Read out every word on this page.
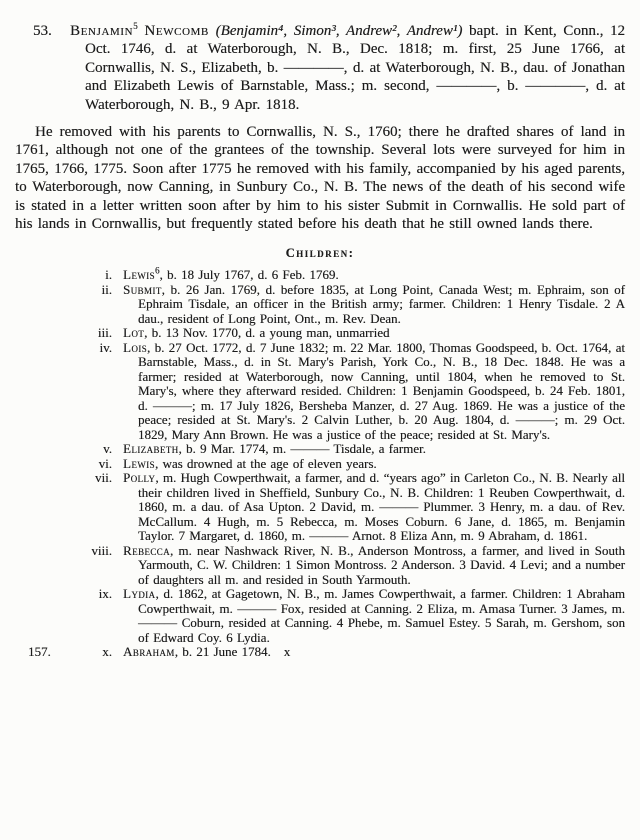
53. Benjamin$^5$ Newcomb (Benjamin⁴, Simon³, Andrew², Andrew¹) bapt. in Kent, Conn., 12 Oct. 1746, d. at Waterborough, N. B., Dec. 1818; m. first, 25 June 1766, at Cornwallis, N. S., Elizabeth, b. ————, d. at Waterborough, N. B., dau. of Jonathan and Elizabeth Lewis of Barnstable, Mass.; m. second, ————, b. ————, d. at Waterborough, N. B., 9 Apr. 1818.

He removed with his parents to Cornwallis, N. S., 1760; there he drafted shares of land in 1761, although not one of the grantees of the township. Several lots were surveyed for him in 1765, 1766, 1775. Soon after 1775 he removed with his family, accompanied by his aged parents, to Waterborough, now Canning, in Sunbury Co., N. B. The news of the death of his second wife is stated in a letter written soon after by him to his sister Submit in Cornwallis. He sold part of his lands in Cornwallis, but frequently stated before his death that he still owned lands there.

Children:
i. Lewis$^6$, b. 18 July 1767, d. 6 Feb. 1769.
ii. Submit, b. 26 Jan. 1769, d. before 1835, at Long Point, Canada West; m. Ephraim, son of Ephraim Tisdale, an officer in the British army; farmer. Children: 1 Henry Tisdale. 2 A dau., resident of Long Point, Ont., m. Rev. Dean.
iii. Lot, b. 13 Nov. 1770, d. a young man, unmarried
iv. Lois, b. 27 Oct. 1772, d. 7 June 1832; m. 22 Mar. 1800, Thomas Goodspeed, b. Oct. 1764, at Barnstable, Mass., d. in St. Mary's Parish, York Co., N. B., 18 Dec. 1848. He was a farmer; resided at Waterborough, now Canning, until 1804, when he removed to St. Mary's, where they afterward resided. Children: 1 Benjamin Goodspeed, b. 24 Feb. 1801, d. ———; m. 17 July 1826, Bersheba Manzer, d. 27 Aug. 1869. He was a justice of the peace; resided at St. Mary's. 2 Calvin Luther, b. 20 Aug. 1804, d. ———; m. 29 Oct. 1829, Mary Ann Brown. He was a justice of the peace; resided at St. Mary's.
v. Elizabeth, b. 9 Mar. 1774, m. ——— Tisdale, a farmer.
vi. Lewis, was drowned at the age of eleven years.
vii. Polly, m. Hugh Cowperthwait, a farmer, and d. “years ago” in Carleton Co., N. B. Nearly all their children lived in Sheffield, Sunbury Co., N. B. Children: 1 Reuben Cowperthwait, d. 1860, m. a dau. of Asa Upton. 2 David, m. ——— Plummer. 3 Henry, m. a dau. of Rev. McCallum. 4 Hugh, m. 5 Rebecca, m. Moses Coburn. 6 Jane, d. 1865, m. Benjamin Taylor. 7 Margaret, d. 1860, m. ——— Arnot. 8 Eliza Ann, m. 9 Abraham, d. 1861.
viii. Rebecca, m. near Nashwack River, N. B., Anderson Montross, a farmer, and lived in South Yarmouth, C. W. Children: 1 Simon Montross. 2 Anderson. 3 David. 4 Levi; and a number of daughters all m. and resided in South Yarmouth.
ix. Lydia, d. 1862, at Gagetown, N. B., m. James Cowperthwait, a farmer. Children: 1 Abraham Cowperthwait, m. ——— Fox, resided at Canning. 2 Eliza, m. Amasa Turner. 3 James, m. ——— Coburn, resided at Canning. 4 Phebe, m. Samuel Estey. 5 Sarah, m. Gershom, son of Edward Coy. 6 Lydia.
157.	x. Abraham, b. 21 June 1784. x
